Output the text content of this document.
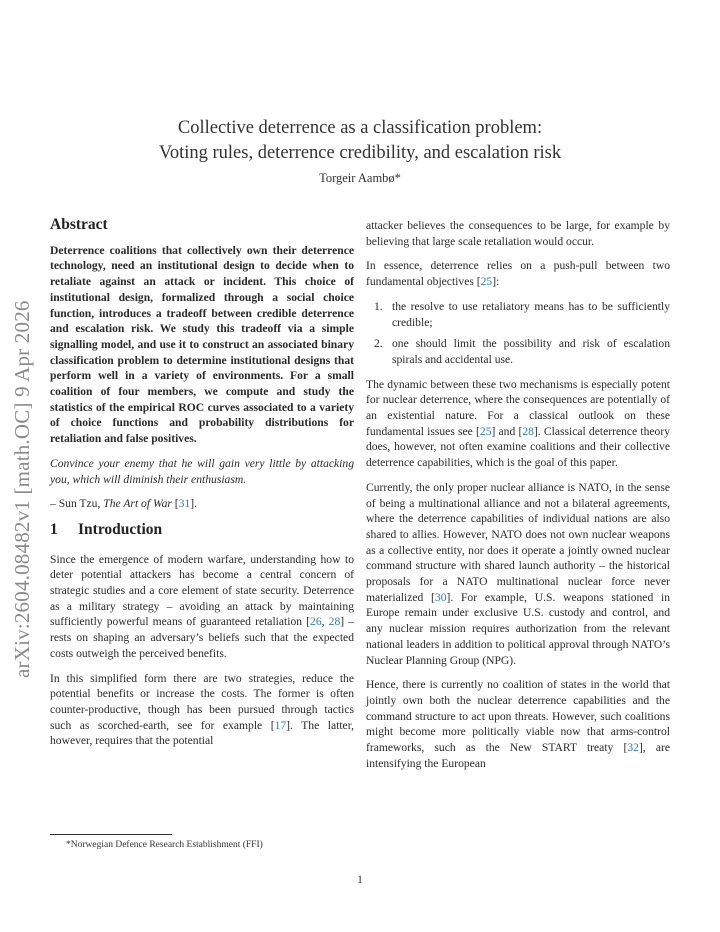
arXiv:2604.08482v1 [math.OC] 9 Apr 2026
Collective deterrence as a classification problem:
Voting rules, deterrence credibility, and escalation risk
Torgeir Aambø*
Abstract

Deterrence coalitions that collectively own their deterrence technology, need an institutional design to decide when to retaliate against an attack or incident. This choice of institutional design, formalized through a social choice function, introduces a tradeoff between credible deterrence and escalation risk. We study this tradeoff via a simple signalling model, and use it to construct an associated binary classification problem to determine institutional designs that perform well in a variety of environments. For a small coalition of four members, we compute and study the statistics of the empirical ROC curves associated to a variety of choice functions and probability distributions for retaliation and false positives.

Convince your enemy that he will gain very little by attacking you, which will diminish their enthusiasm.

– Sun Tzu, The Art of War [31].

1 Introduction

Since the emergence of modern warfare, understanding how to deter potential attackers has become a central concern of strategic studies and a core element of state security. Deterrence as a military strategy – avoiding an attack by maintaining sufficiently powerful means of guaranteed retaliation [26, 28] – rests on shaping an adversary’s beliefs such that the expected costs outweigh the perceived benefits.

In this simplified form there are two strategies, reduce the potential benefits or increase the costs. The former is often counter-productive, though has been pursued through tactics such as scorched-earth, see for example [17]. The latter, however, requires that the potential

attacker believes the consequences to be large, for example by believing that large scale retaliation would occur.

In essence, deterrence relies on a push-pull between two fundamental objectives [25]:

1. the resolve to use retaliatory means has to be sufficiently credible;
2. one should limit the possibility and risk of escalation spirals and accidental use.

The dynamic between these two mechanisms is especially potent for nuclear deterrence, where the consequences are potentially of an existential nature. For a classical outlook on these fundamental issues see [25] and [28]. Classical deterrence theory does, however, not often examine coalitions and their collective deterrence capabilities, which is the goal of this paper.

Currently, the only proper nuclear alliance is NATO, in the sense of being a multinational alliance and not a bilateral agreements, where the deterrence capabilities of individual nations are also shared to allies. However, NATO does not own nuclear weapons as a collective entity, nor does it operate a jointly owned nuclear command structure with shared launch authority – the historical proposals for a NATO multinational nuclear force never materialized [30]. For example, U.S. weapons stationed in Europe remain under exclusive U.S. custody and control, and any nuclear mission requires authorization from the relevant national leaders in addition to political approval through NATO’s Nuclear Planning Group (NPG).

Hence, there is currently no coalition of states in the world that jointly own both the nuclear deterrence capabilities and the command structure to act upon threats. However, such coalitions might become more politically viable now that arms-control frameworks, such as the New START treaty [32], are intensifying the European

*Norwegian Defence Research Establishment (FFI)
1
